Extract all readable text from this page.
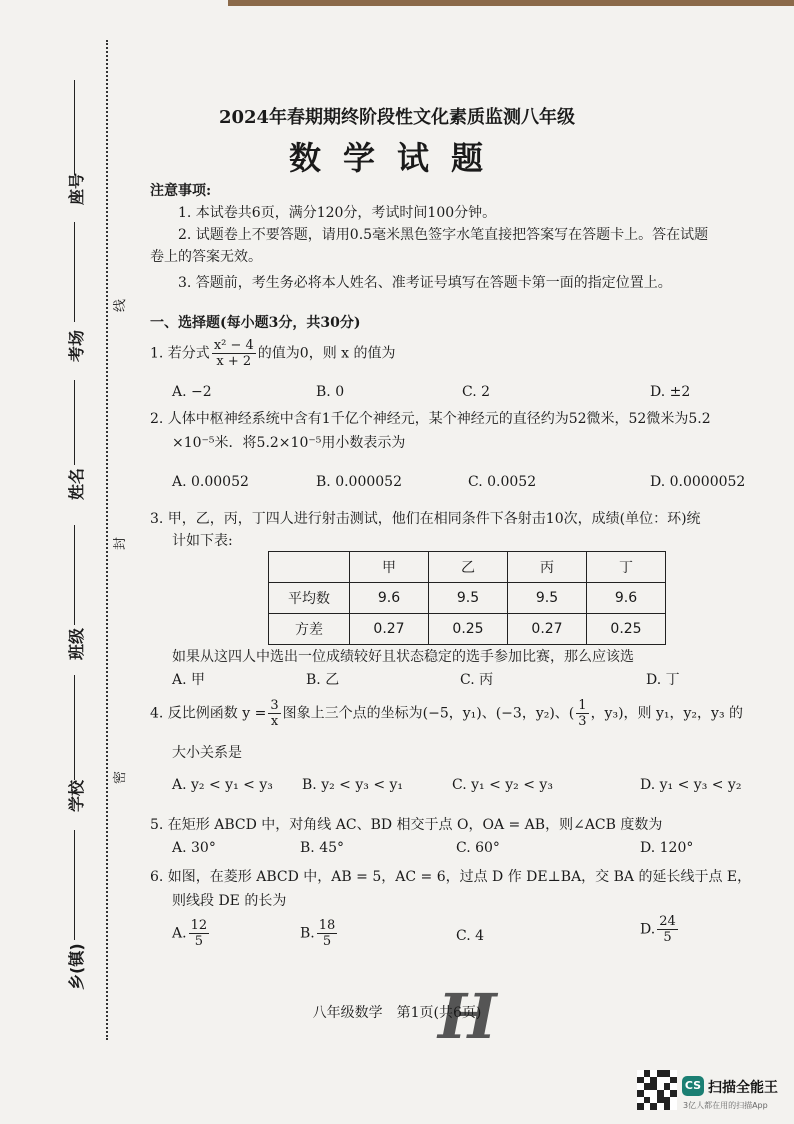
座号
考场
姓名
班级
学校
乡(镇)
线
封
密
2024年春期期终阶段性文化素质监测八年级
数学试题
注意事项:
1. 本试卷共6页，满分120分，考试时间100分钟。
2. 试题卷上不要答题，请用0.5毫米黑色签字水笔直接把答案写在答题卡上。答在试题
卷上的答案无效。
3. 答题前，考生务必将本人姓名、准考证号填写在答题卡第一面的指定位置上。
一、选择题(每小题3分，共30分)
1. 若分式 $\frac{\text{x² − 4}}{x + 2}$ 的值为0，则 x 的值为
A. −2	B. 0	C. 2	D. ±2
2. 人体中枢神经系统中含有1千亿个神经元，某个神经元的直径约为52微米，52微米为5.2
×10⁻⁵米．将5.2×10⁻⁵用小数表示为
A. 0.00052	B. 0.000052	C. 0.0052	D. 0.0000052
3. 甲，乙，丙，丁四人进行射击测试，他们在相同条件下各射击10次，成绩(单位：环)统
计如下表:
	甲	乙	丙	丁
平均数	9.6	9.5	9.5	9.6
方差	0.27	0.25	0.27	0.25
如果从这四人中选出一位成绩较好且状态稳定的选手参加比赛，那么应该选
A. 甲	B. 乙	C. 丙	D. 丁
4. 反比例函数 $y = \frac{3}{x}$ 图象上三个点的坐标为(−5，y₁)、(−3，y₂)、( $\frac{1}{3}$ ，y₃)，则 y₁，y₂，y₃ 的
大小关系是
A. y₂ < y₁ < y₃ B. y₂ < y₃ < y₁	C. y₁ < y₂ < y₃	D. y₁ < y₃ < y₂
5. 在矩形 ABCD 中，对角线 AC、BD 相交于点 O，OA = AB，则∠ACB 度数为
A. 30°	B. 45°	C. 60°	D. 120°
6. 如图，在菱形 ABCD 中，AB = 5，AC = 6，过点 D 作 DE⊥BA，交 BA 的延长线于点 E，
则线段 DE 的长为
A. $\frac{12}{5}$	B. $\frac{18}{5}$	C. 4	D. $\frac{24}{5}$
H
八年级数学　第1页(共6页)
CS 扫描全能王
3亿人都在用的扫描App
